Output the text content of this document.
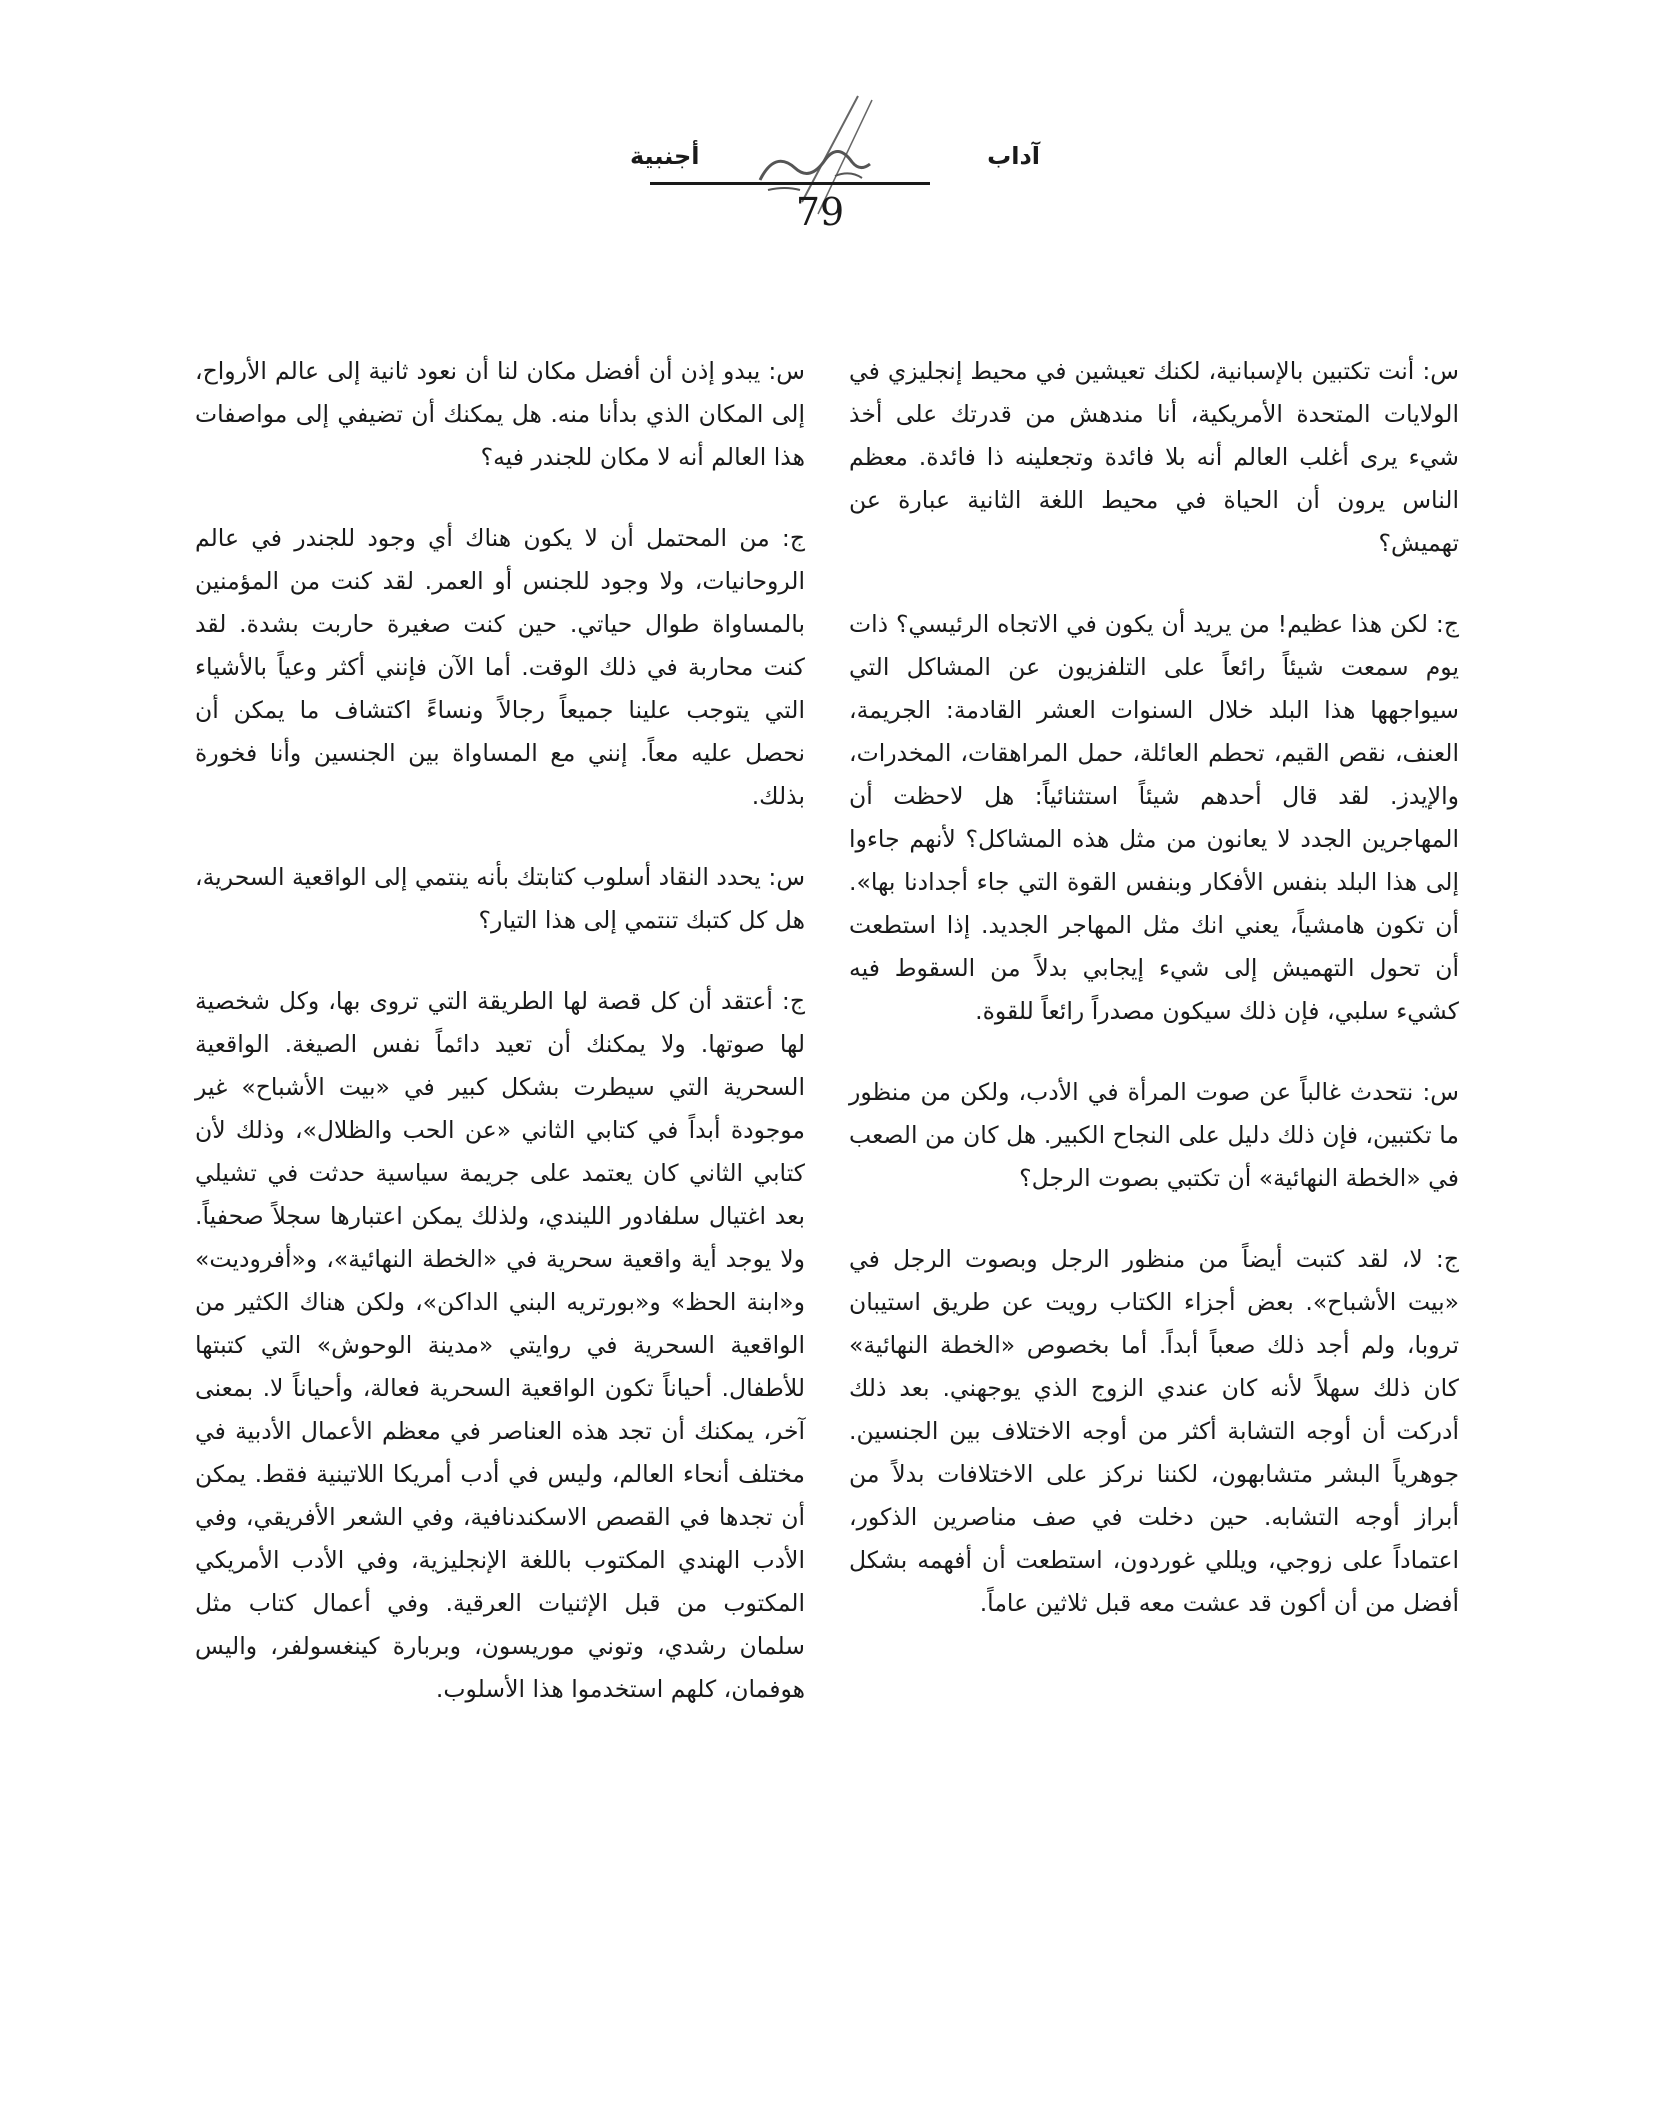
آداب
أجنبية
79

س: أنت تكتبين بالإسبانية، لكنك تعيشين في محيط إنجليزي في الولايات المتحدة الأمريكية، أنا مندهش من قدرتك على أخذ شيء يرى أغلب العالم أنه بلا فائدة وتجعلينه ذا فائدة. معظم الناس يرون أن الحياة في محيط اللغة الثانية عبارة عن تهميش؟

ج: لكن هذا عظيم! من يريد أن يكون في الاتجاه الرئيسي؟ ذات يوم سمعت شيئاً رائعاً على التلفزيون عن المشاكل التي سيواجهها هذا البلد خلال السنوات العشر القادمة: الجريمة، العنف، نقص القيم، تحطم العائلة، حمل المراهقات، المخدرات، والإيدز. لقد قال أحدهم شيئاً استثنائياً: هل لاحظت أن المهاجرين الجدد لا يعانون من مثل هذه المشاكل؟ لأنهم جاءوا إلى هذا البلد بنفس الأفكار وبنفس القوة التي جاء أجدادنا بها». أن تكون هامشياً، يعني انك مثل المهاجر الجديد. إذا استطعت أن تحول التهميش إلى شيء إيجابي بدلاً من السقوط فيه كشيء سلبي، فإن ذلك سيكون مصدراً رائعاً للقوة.

س: نتحدث غالباً عن صوت المرأة في الأدب، ولكن من منظور ما تكتبين، فإن ذلك دليل على النجاح الكبير. هل كان من الصعب في «الخطة النهائية» أن تكتبي بصوت الرجل؟

ج: لا، لقد كتبت أيضاً من منظور الرجل وبصوت الرجل في «بيت الأشباح». بعض أجزاء الكتاب رويت عن طريق استيبان تروبا، ولم أجد ذلك صعباً أبداً. أما بخصوص «الخطة النهائية» كان ذلك سهلاً لأنه كان عندي الزوج الذي يوجهني. بعد ذلك أدركت أن أوجه التشابة أكثر من أوجه الاختلاف بين الجنسين. جوهرياً البشر متشابهون، لكننا نركز على الاختلافات بدلاً من أبراز أوجه التشابه. حين دخلت في صف مناصرين الذكور، اعتماداً على زوجي، ويللي غوردون، استطعت أن أفهمه بشكل أفضل من أن أكون قد عشت معه قبل ثلاثين عاماً.

س: يبدو إذن أن أفضل مكان لنا أن نعود ثانية إلى عالم الأرواح، إلى المكان الذي بدأنا منه. هل يمكنك أن تضيفي إلى مواصفات هذا العالم أنه لا مكان للجندر فيه؟

ج: من المحتمل أن لا يكون هناك أي وجود للجندر في عالم الروحانيات، ولا وجود للجنس أو العمر. لقد كنت من المؤمنين بالمساواة طوال حياتي. حين كنت صغيرة حاربت بشدة. لقد كنت محاربة في ذلك الوقت. أما الآن فإنني أكثر وعياً بالأشياء التي يتوجب علينا جميعاً رجالاً ونساءً اكتشاف ما يمكن أن نحصل عليه معاً. إنني مع المساواة بين الجنسين وأنا فخورة بذلك.

س: يحدد النقاد أسلوب كتابتك بأنه ينتمي إلى الواقعية السحرية، هل كل كتبك تنتمي إلى هذا التيار؟

ج: أعتقد أن كل قصة لها الطريقة التي تروى بها، وكل شخصية لها صوتها. ولا يمكنك أن تعيد دائماً نفس الصيغة. الواقعية السحرية التي سيطرت بشكل كبير في «بيت الأشباح» غير موجودة أبداً في كتابي الثاني «عن الحب والظلال»، وذلك لأن كتابي الثاني كان يعتمد على جريمة سياسية حدثت في تشيلي بعد اغتيال سلفادور الليندي، ولذلك يمكن اعتبارها سجلاً صحفياً. ولا يوجد أية واقعية سحرية في «الخطة النهائية»، و«أفروديت» و«ابنة الحظ» و«بورتريه البني الداكن»، ولكن هناك الكثير من الواقعية السحرية في روايتي «مدينة الوحوش» التي كتبتها للأطفال. أحياناً تكون الواقعية السحرية فعالة، وأحياناً لا. بمعنى آخر، يمكنك أن تجد هذه العناصر في معظم الأعمال الأدبية في مختلف أنحاء العالم، وليس في أدب أمريكا اللاتينية فقط. يمكن أن تجدها في القصص الاسكندنافية، وفي الشعر الأفريقي، وفي الأدب الهندي المكتوب باللغة الإنجليزية، وفي الأدب الأمريكي المكتوب من قبل الإثنيات العرقية. وفي أعمال كتاب مثل سلمان رشدي، وتوني موريسون، وبربارة كينغسولفر، واليس هوفمان، كلهم استخدموا هذا الأسلوب.
